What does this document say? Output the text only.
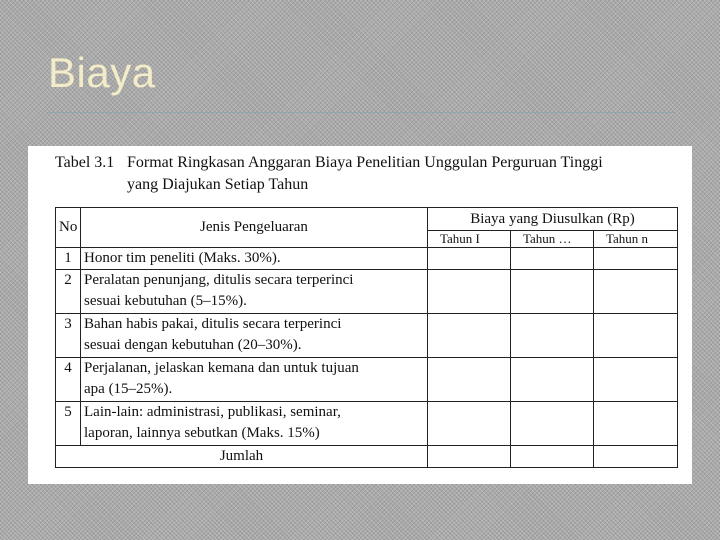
Biaya
Tabel 3.1 Format Ringkasan Anggaran Biaya Penelitian Unggulan Perguruan Tinggi
yang Diajukan Setiap Tahun
No	Jenis Pengeluaran	Biaya yang Diusulkan (Rp)		
		Tahun I	Tahun …	Tahun n
1	Honor tim peneliti (Maks. 30%).			

2	Peralatan penunjang, ditulis secara terperinci
sesuai kebutuhan (5–15%).			

3	Bahan habis pakai, ditulis secara terperinci
sesuai dengan kebutuhan (20–30%).			

4	Perjalanan, jelaskan kemana dan untuk tujuan
apa (15–25%).			

5	Lain-lain: administrasi, publikasi, seminar,
laporan, lainnya sebutkan (Maks. 15%)			

Jumlah				
